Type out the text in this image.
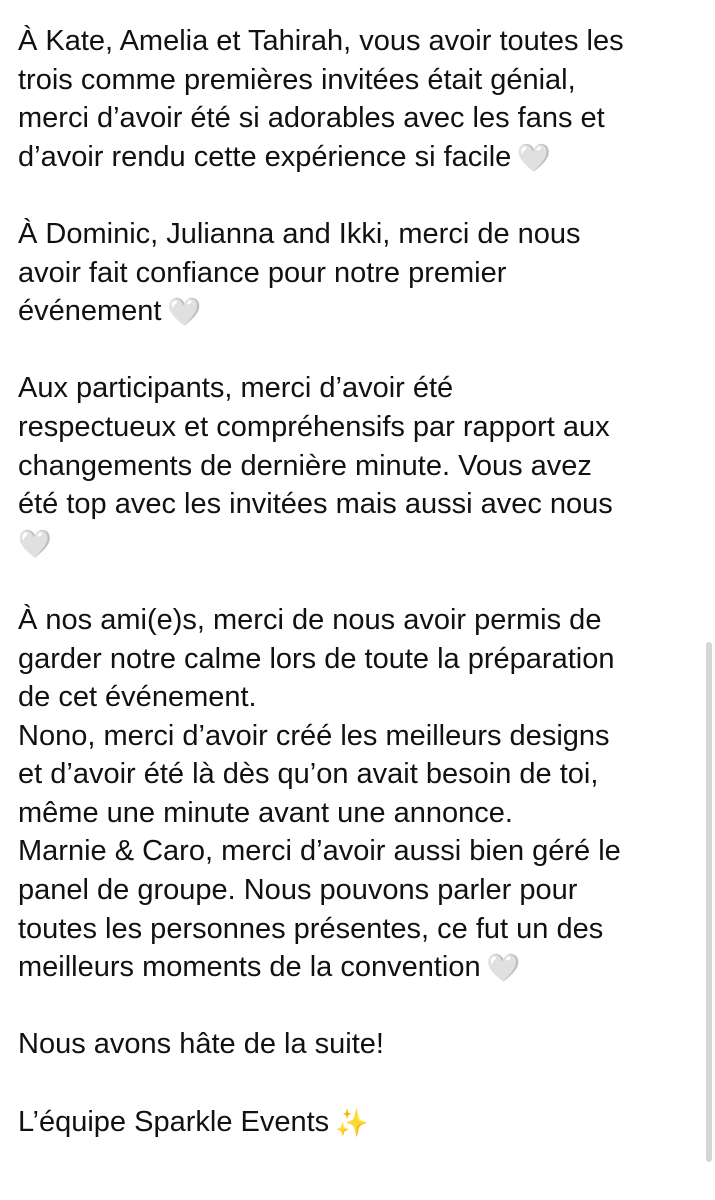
À Kate, Amelia et Tahirah, vous avoir toutes les
trois comme premières invitées était génial,
merci d’avoir été si adorables avec les fans et
d’avoir rendu cette expérience si facile 🤍
À Dominic, Julianna and Ikki, merci de nous
avoir fait confiance pour notre premier
événement 🤍
Aux participants, merci d’avoir été
respectueux et compréhensifs par rapport aux
changements de dernière minute. Vous avez
été top avec les invitées mais aussi avec nous
🤍
À nos ami(e)s, merci de nous avoir permis de
garder notre calme lors de toute la préparation
de cet événement.
Nono, merci d’avoir créé les meilleurs designs
et d’avoir été là dès qu’on avait besoin de toi,
même une minute avant une annonce.
Marnie & Caro, merci d’avoir aussi bien géré le
panel de groupe. Nous pouvons parler pour
toutes les personnes présentes, ce fut un des
meilleurs moments de la convention 🤍
Nous avons hâte de la suite!
L’équipe Sparkle Events ✨
